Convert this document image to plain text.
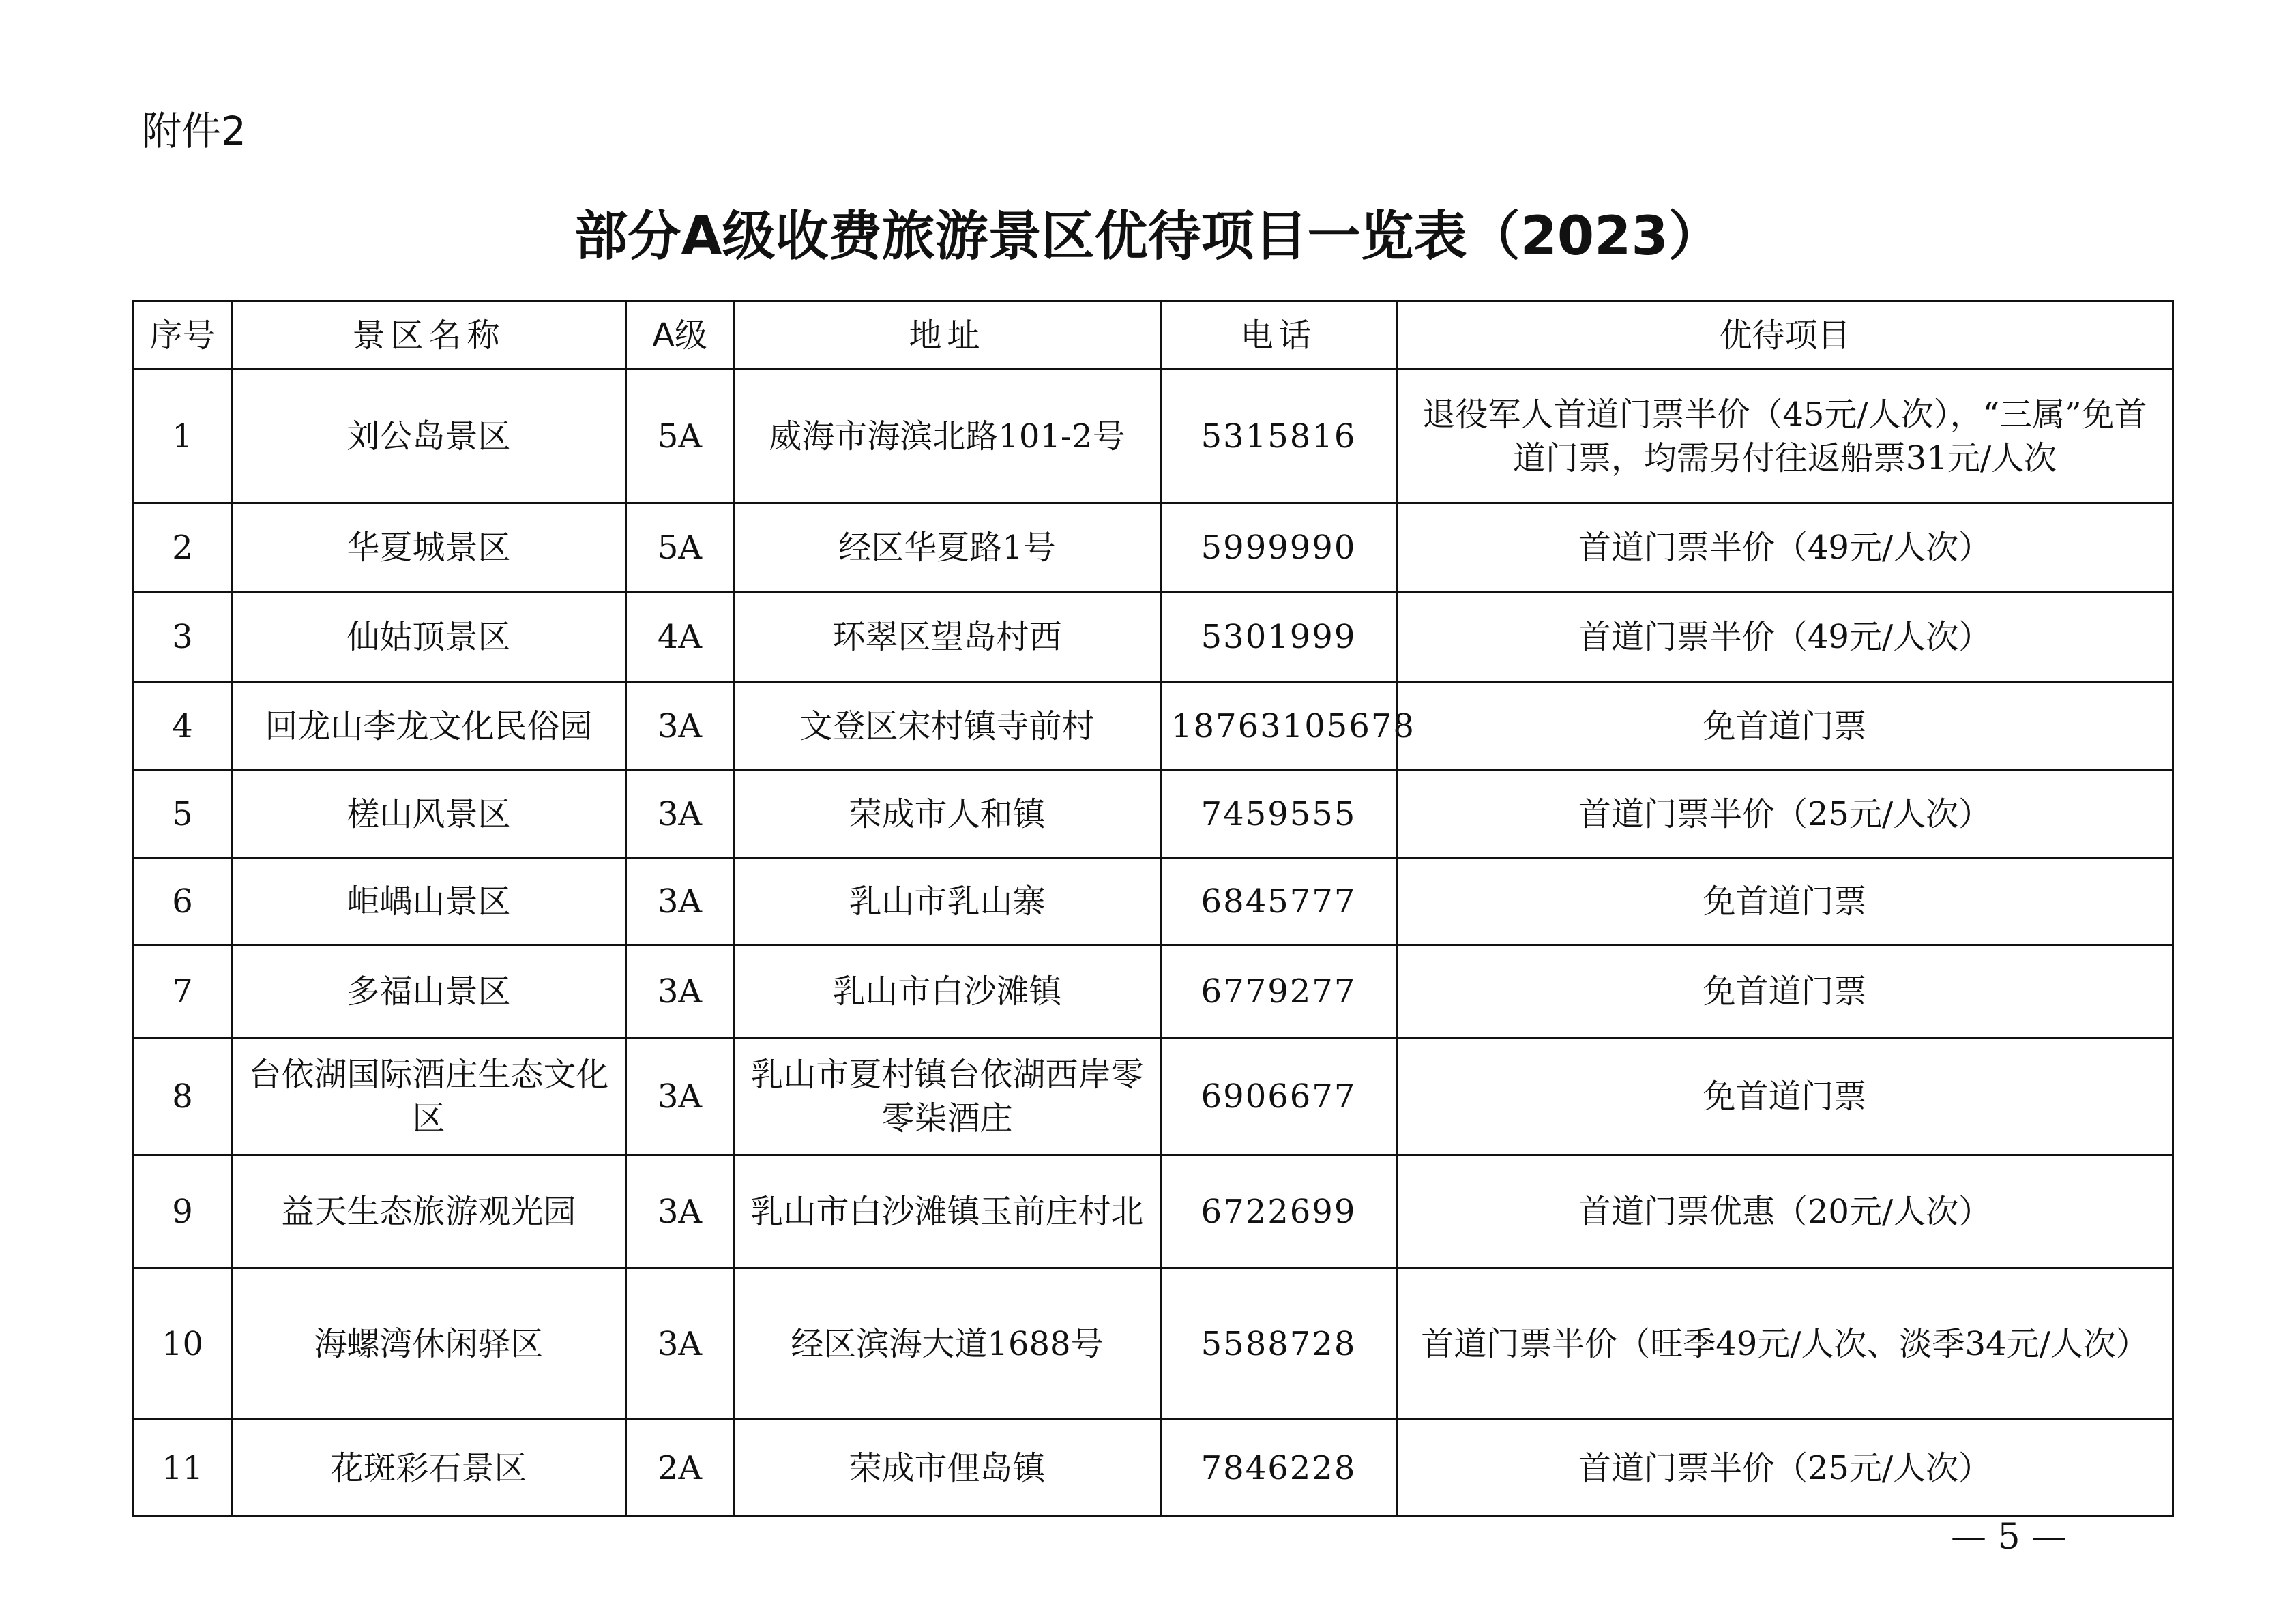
附件2
部分A级收费旅游景区优待项目一览表（2023）
序号	景区名称	A级	地址	电话	优待项目
1	刘公岛景区	5A	威海市海滨北路101-2号	5315816	退役军人首道门票半价（45元/人次），“三属”免首道门票，均需另付往返船票31元/人次
2	华夏城景区	5A	经区华夏路1号	5999990	首道门票半价（49元/人次）
3	仙姑顶景区	4A	环翠区望岛村西	5301999	首道门票半价（49元/人次）
4	回龙山李龙文化民俗园	3A	文登区宋村镇寺前村	18763105678	免首道门票
5	槎山风景区	3A	荣成市人和镇	7459555	首道门票半价（25元/人次）
6	岠嵎山景区	3A	乳山市乳山寨	6845777	免首道门票
7	多福山景区	3A	乳山市白沙滩镇	6779277	免首道门票
8	台依湖国际酒庄生态文化区	3A	乳山市夏村镇台依湖西岸零零柒酒庄	6906677	免首道门票
9	益天生态旅游观光园	3A	乳山市白沙滩镇玉前庄村北	6722699	首道门票优惠（20元/人次）
10	海螺湾休闲驿区	3A	经区滨海大道1688号	5588728	首道门票半价（旺季49元/人次、淡季34元/人次）
11	花斑彩石景区	2A	荣成市俚岛镇	7846228	首道门票半价（25元/人次）
— 5 —
